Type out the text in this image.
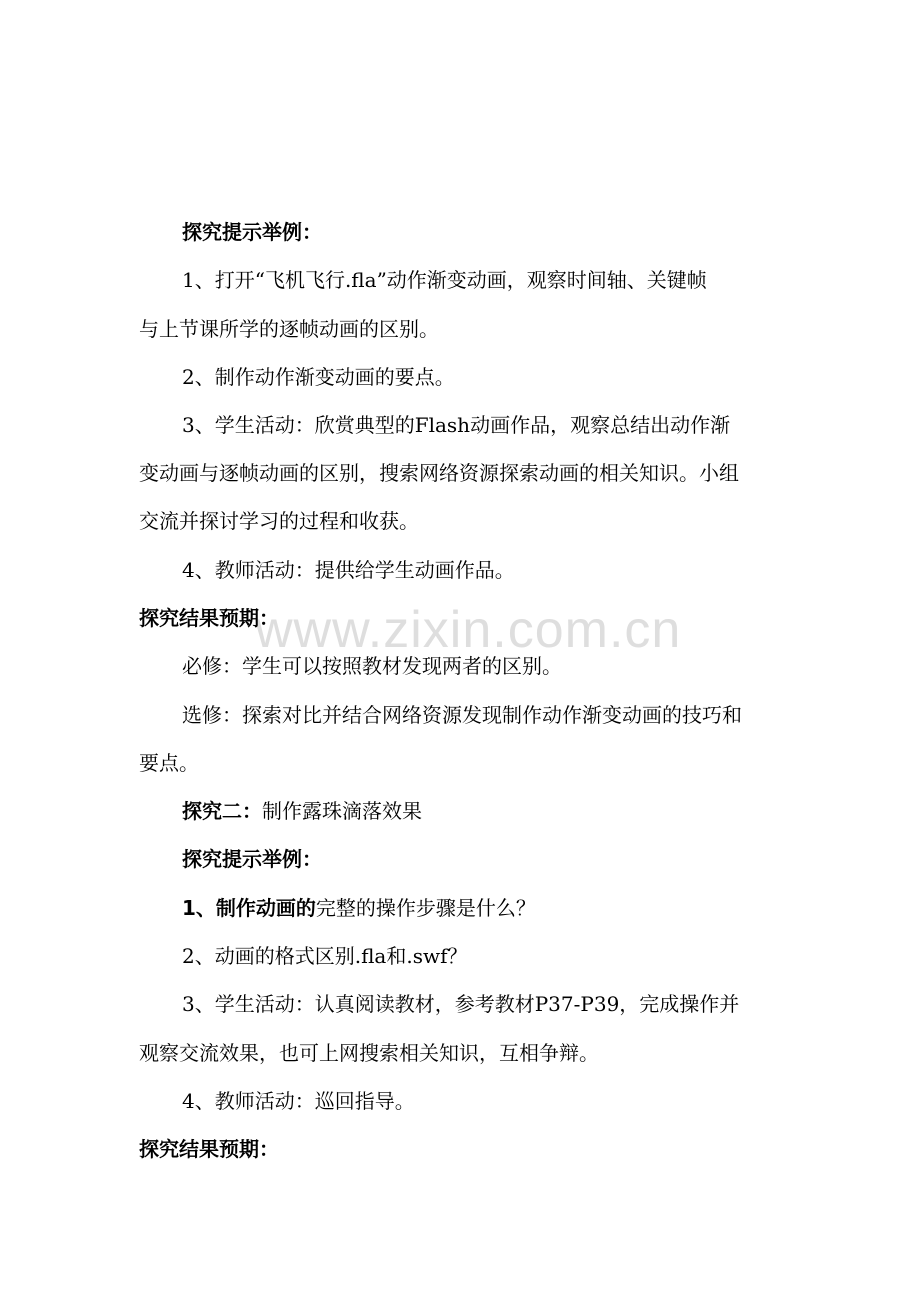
www.zixin.com.cn
探究提示举例：
1、打开“飞机飞行.fla”动作渐变动画，观察时间轴、关键帧
与上节课所学的逐帧动画的区别。
2、制作动作渐变动画的要点。
3、学生活动：欣赏典型的Flash动画作品，观察总结出动作渐
变动画与逐帧动画的区别，搜索网络资源探索动画的相关知识。小组
交流并探讨学习的过程和收获。
4、教师活动：提供给学生动画作品。
探究结果预期：
必修：学生可以按照教材发现两者的区别。
选修：探索对比并结合网络资源发现制作动作渐变动画的技巧和
要点。
探究二：制作露珠滴落效果
探究提示举例：
1、制作动画的完整的操作步骤是什么？
2、动画的格式区别.fla和.swf？
3、学生活动：认真阅读教材，参考教材P37-P39，完成操作并
观察交流效果，也可上网搜索相关知识，互相争辩。
4、教师活动：巡回指导。
探究结果预期：
